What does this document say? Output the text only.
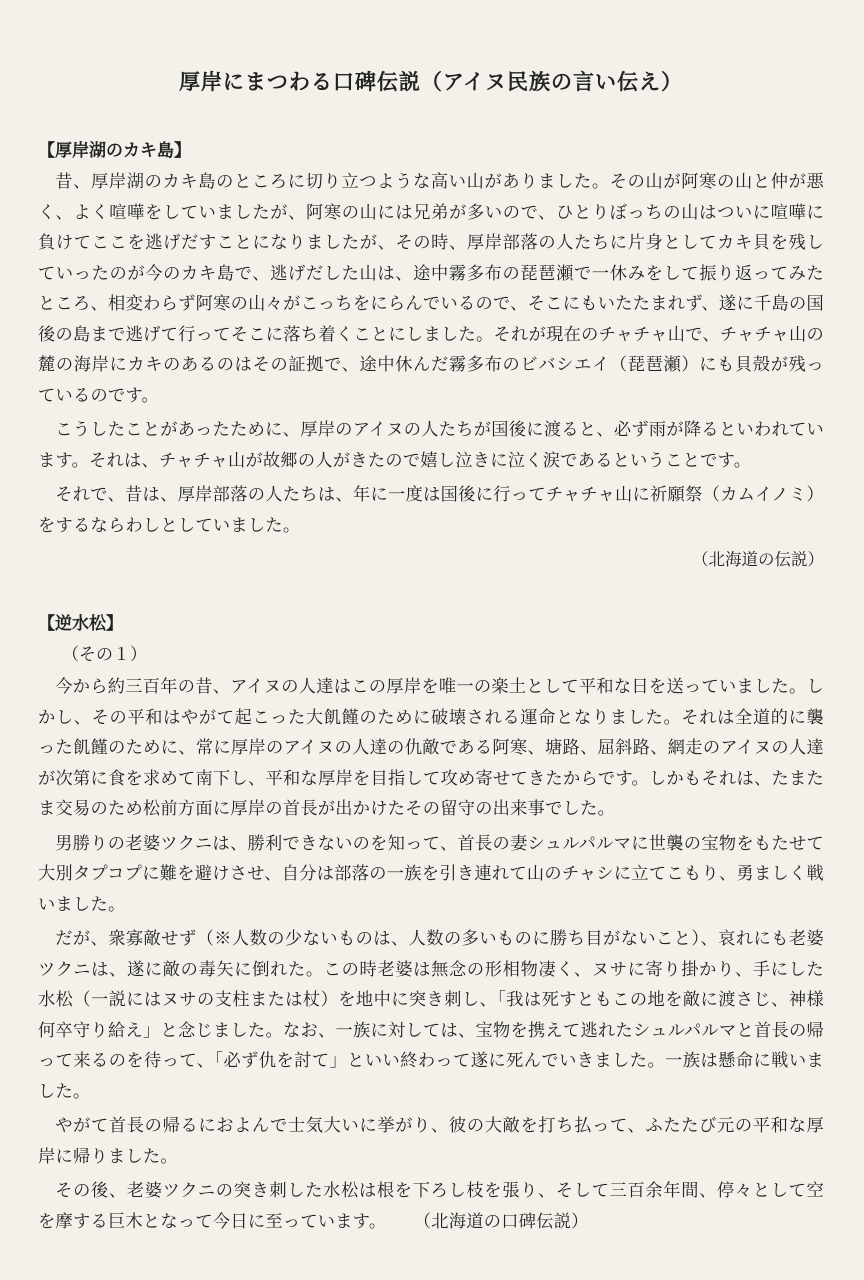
厚岸にまつわる口碑伝説（アイヌ民族の言い伝え）
【厚岸湖のカキ島】

昔、厚岸湖のカキ島のところに切り立つような高い山がありました。その山が阿寒の山と仲が悪く、よく喧嘩をしていましたが、阿寒の山には兄弟が多いので、ひとりぼっちの山はついに喧嘩に負けてここを逃げだすことになりましたが、その時、厚岸部落の人たちに片身としてカキ貝を残していったのが今のカキ島で、逃げだした山は、途中霧多布の琵琶瀬で一休みをして振り返ってみたところ、相変わらず阿寒の山々がこっちをにらんでいるので、そこにもいたたまれず、遂に千島の国後の島まで逃げて行ってそこに落ち着くことにしました。それが現在のチャチャ山で、チャチャ山の麓の海岸にカキのあるのはその証拠で、途中休んだ霧多布のビバシエイ（琵琶瀬）にも貝殻が残っているのです。

こうしたことがあったために、厚岸のアイヌの人たちが国後に渡ると、必ず雨が降るといわれています。それは、チャチャ山が故郷の人がきたので嬉し泣きに泣く涙であるということです。

それで、昔は、厚岸部落の人たちは、年に一度は国後に行ってチャチャ山に祈願祭（カムイノミ）をするならわしとしていました。

（北海道の伝説）
【逆水松】
（その１）

今から約三百年の昔、アイヌの人達はこの厚岸を唯一の楽土として平和な日を送っていました。しかし、その平和はやがて起こった大飢饉のために破壊される運命となりました。それは全道的に襲った飢饉のために、常に厚岸のアイヌの人達の仇敵である阿寒、塘路、屈斜路、網走のアイヌの人達が次第に食を求めて南下し、平和な厚岸を目指して攻め寄せてきたからです。しかもそれは、たまたま交易のため松前方面に厚岸の首長が出かけたその留守の出来事でした。

男勝りの老婆ツクニは、勝利できないのを知って、首長の妻シュルパルマに世襲の宝物をもたせて大別タプコプに難を避けさせ、自分は部落の一族を引き連れて山のチャシに立てこもり、勇ましく戦いました。

だが、衆寡敵せず（※人数の少ないものは、人数の多いものに勝ち目がないこと）、哀れにも老婆ツクニは、遂に敵の毒矢に倒れた。この時老婆は無念の形相物凄く、ヌサに寄り掛かり、手にした水松（一説にはヌサの支柱または杖）を地中に突き刺し、「我は死すともこの地を敵に渡さじ、神様何卒守り給え」と念じました。なお、一族に対しては、宝物を携えて逃れたシュルパルマと首長の帰って来るのを待って、「必ず仇を討て」といい終わって遂に死んでいきました。一族は懸命に戦いました。

やがて首長の帰るにおよんで士気大いに挙がり、彼の大敵を打ち払って、ふたたび元の平和な厚岸に帰りました。

その後、老婆ツクニの突き刺した水松は根を下ろし枝を張り、そして三百余年間、停々として空を摩する巨木となって今日に至っています。 （北海道の口碑伝説）
